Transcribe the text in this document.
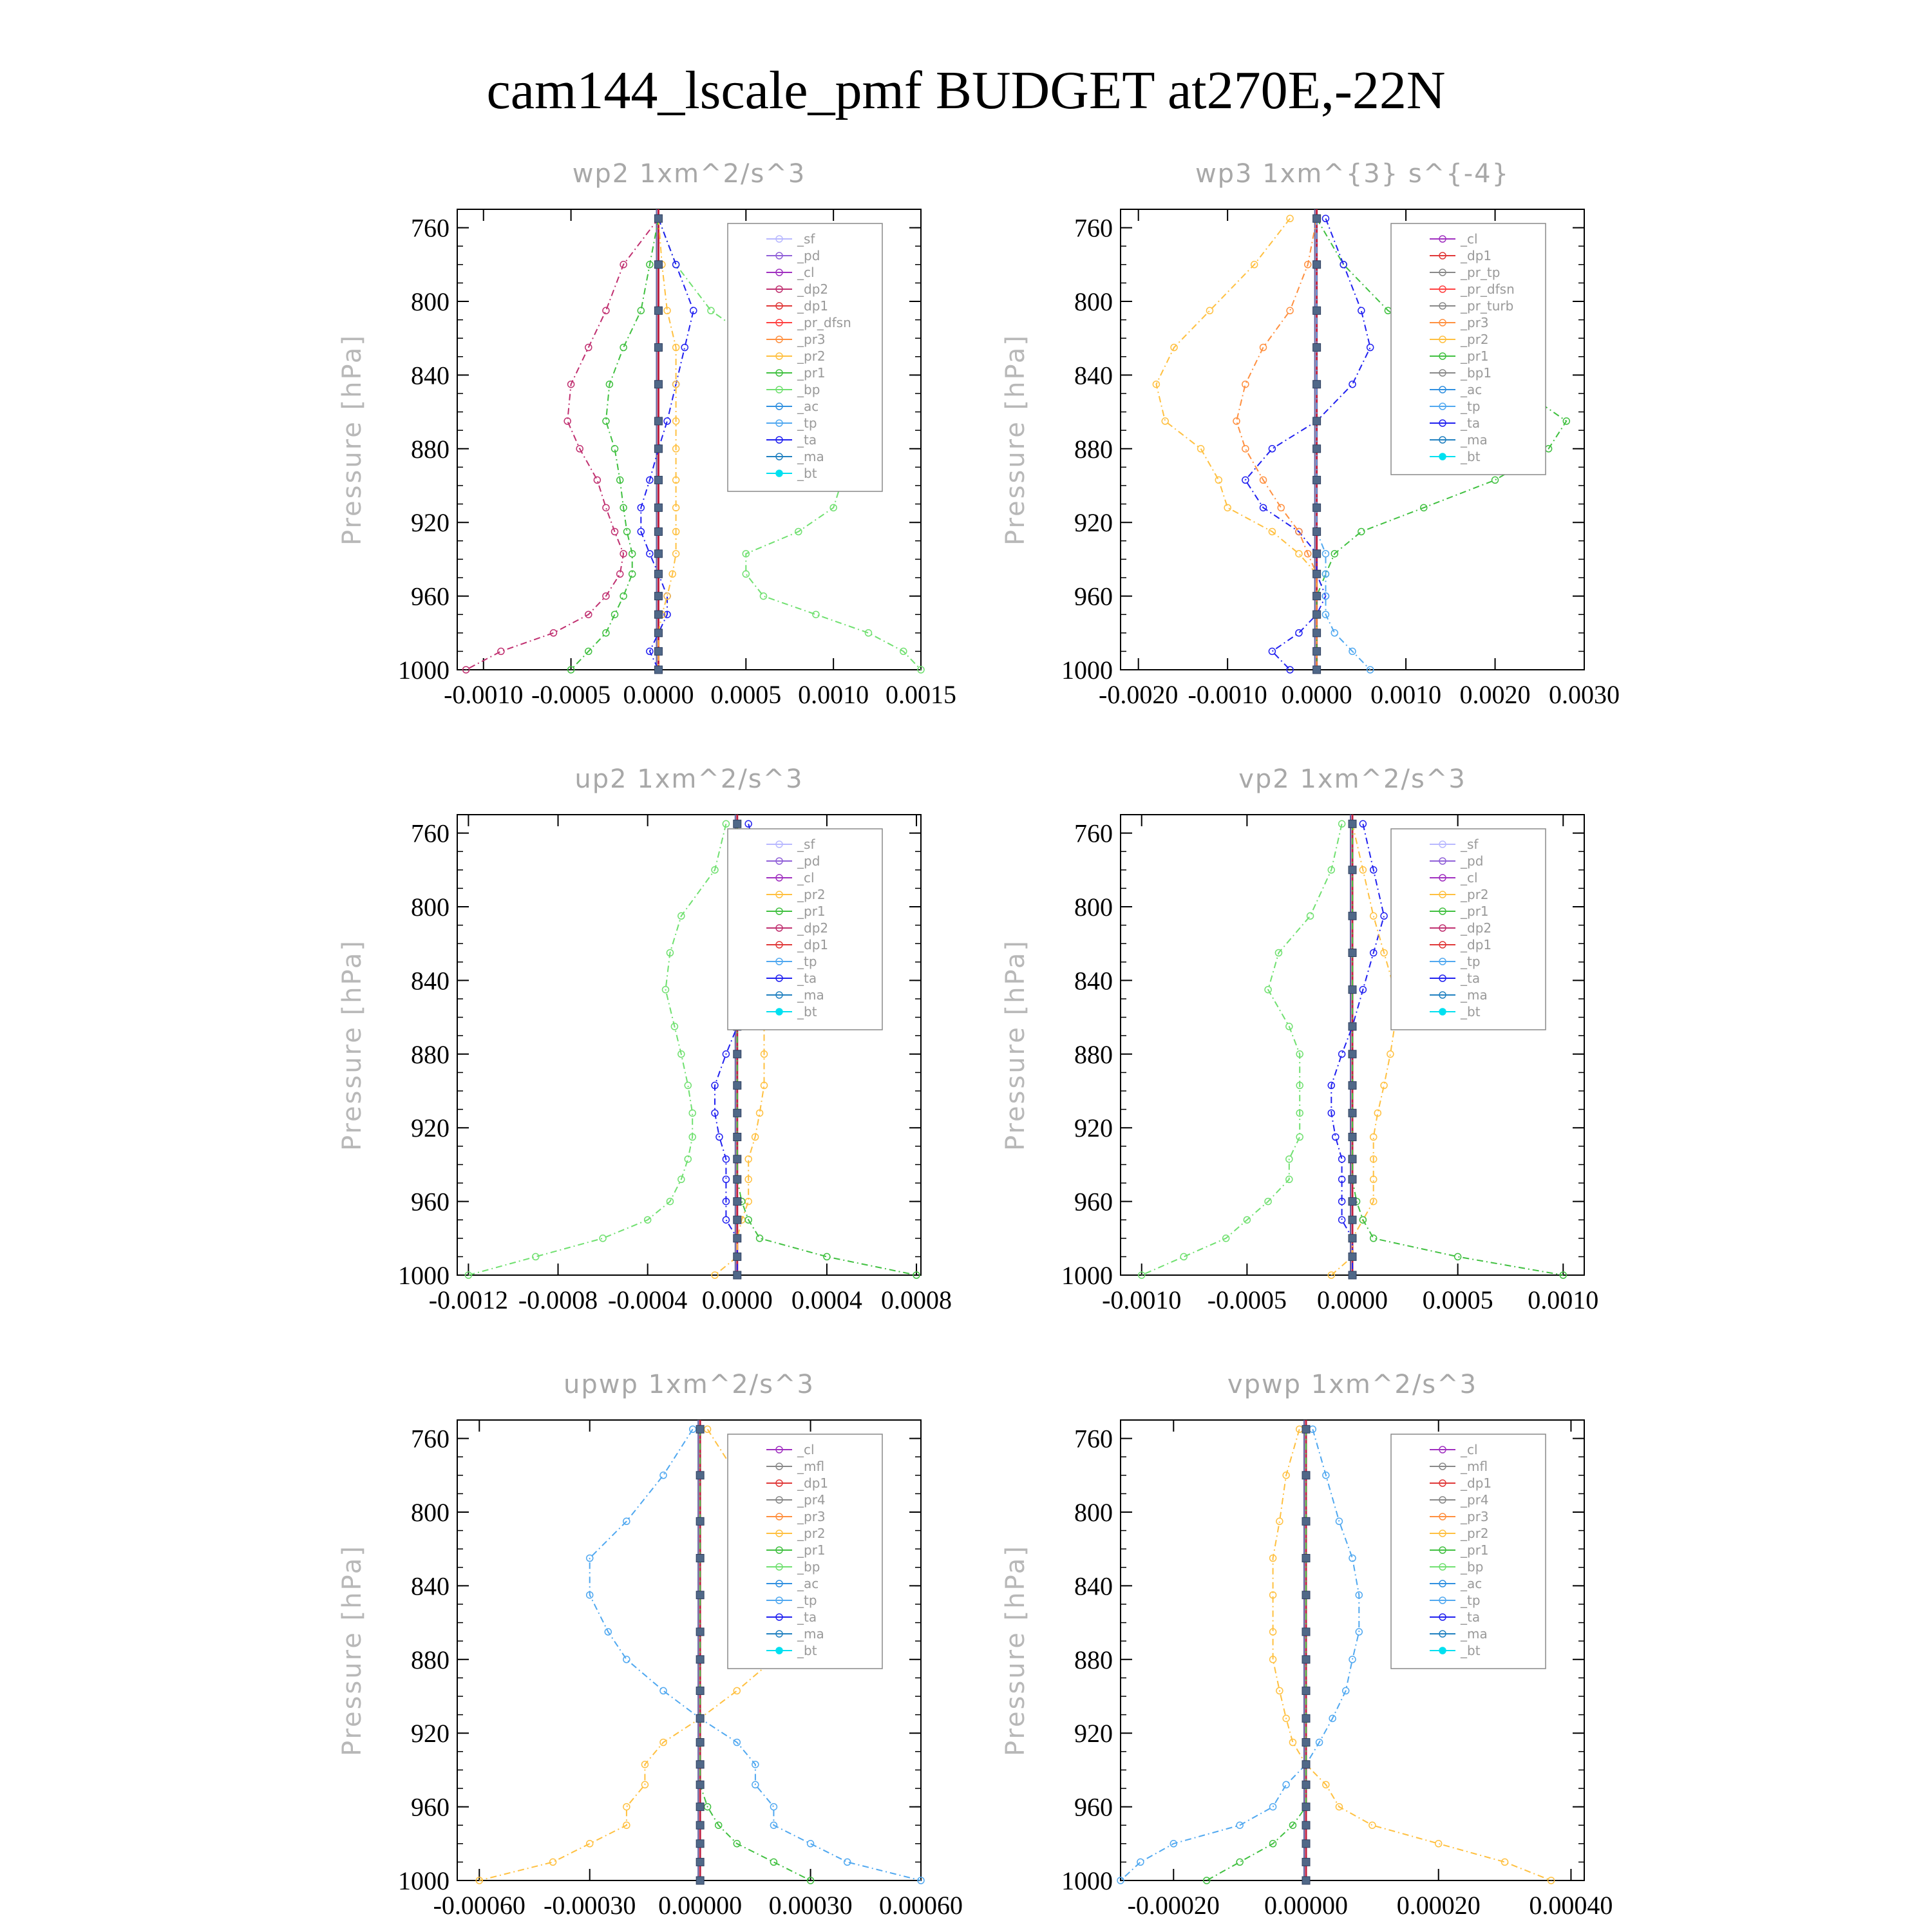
cam144_lscale_pmf BUDGET at270E,-22N
wp2 1xm^2/s^3
Pressure [hPa]
760
800
840
880
920
960
1000
-0.0010 -0.0005 0.0000 0.0005 0.0010 0.0015
_sf
_pd
_cl
_dp2
_dp1
_pr_dfsn
_pr3
_pr2
_pr1
_bp
_ac
_tp
_ta
_ma
_bt
wp3 1xm^{3} s^{-4}
Pressure [hPa]
760
800
840
880
920
960
1000
-0.0020 -0.0010 0.0000 0.0010 0.0020 0.0030
_cl
_dp1
_pr_tp
_pr_dfsn
_pr_turb
_pr3
_pr2
_pr1
_bp1
_ac
_tp
_ta
_ma
_bt
up2 1xm^2/s^3
Pressure [hPa]
760
800
840
880
920
960
1000
-0.0012 -0.0008 -0.0004 0.0000 0.0004 0.0008
_sf
_pd
_cl
_pr2
_pr1
_dp2
_dp1
_tp
_ta
_ma
_bt
vp2 1xm^2/s^3
Pressure [hPa]
760
800
840
880
920
960
1000
-0.0010 -0.0005 0.0000 0.0005 0.0010
_sf
_pd
_cl
_pr2
_pr1
_dp2
_dp1
_tp
_ta
_ma
_bt
upwp 1xm^2/s^3
Pressure [hPa]
760
800
840
880
920
960
1000
-0.00060 -0.00030 0.00000 0.00030 0.00060
_cl
_mfl
_dp1
_pr4
_pr3
_pr2
_pr1
_bp
_ac
_tp
_ta
_ma
_bt
vpwp 1xm^2/s^3
Pressure [hPa]
760
800
840
880
920
960
1000
-0.00020 0.00000 0.00020 0.00040
_cl
_mfl
_dp1
_pr4
_pr3
_pr2
_pr1
_bp
_ac
_tp
_ta
_ma
_bt
